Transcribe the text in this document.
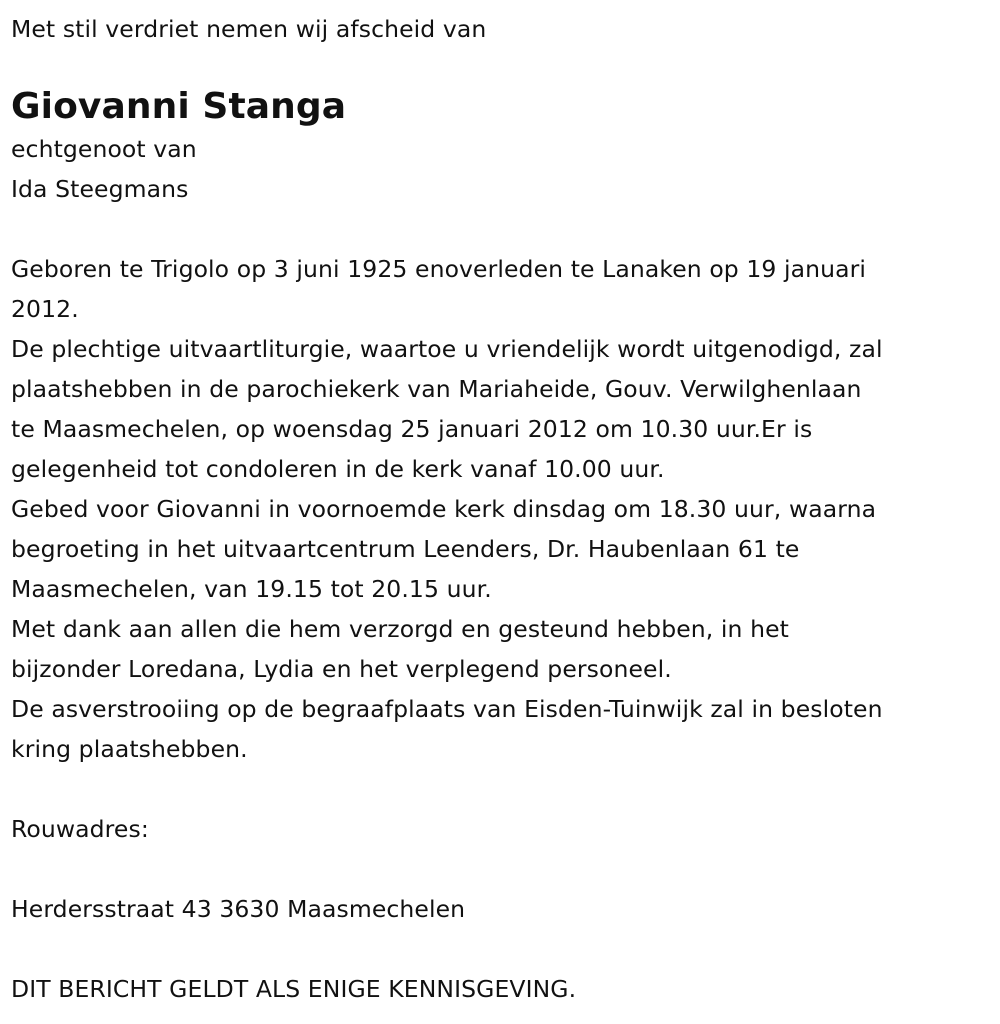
Met stil verdriet nemen wij afscheid van
Giovanni Stanga
echtgenoot van
Ida Steegmans
Geboren te Trigolo op 3 juni 1925 enoverleden te Lanaken op 19 januari
2012.
De plechtige uitvaartliturgie, waartoe u vriendelijk wordt uitgenodigd, zal
plaatshebben in de parochiekerk van Mariaheide, Gouv. Verwilghenlaan
te Maasmechelen, op woensdag 25 januari 2012 om 10.30 uur.Er is
gelegenheid tot condoleren in de kerk vanaf 10.00 uur.
Gebed voor Giovanni in voornoemde kerk dinsdag om 18.30 uur, waarna
begroeting in het uitvaartcentrum Leenders, Dr. Haubenlaan 61 te
Maasmechelen, van 19.15 tot 20.15 uur.
Met dank aan allen die hem verzorgd en gesteund hebben, in het
bijzonder Loredana, Lydia en het verplegend personeel.
De asverstrooiing op de begraafplaats van Eisden-Tuinwijk zal in besloten
kring plaatshebben.
Rouwadres:
Herdersstraat 43 3630 Maasmechelen
DIT BERICHT GELDT ALS ENIGE KENNISGEVING.
